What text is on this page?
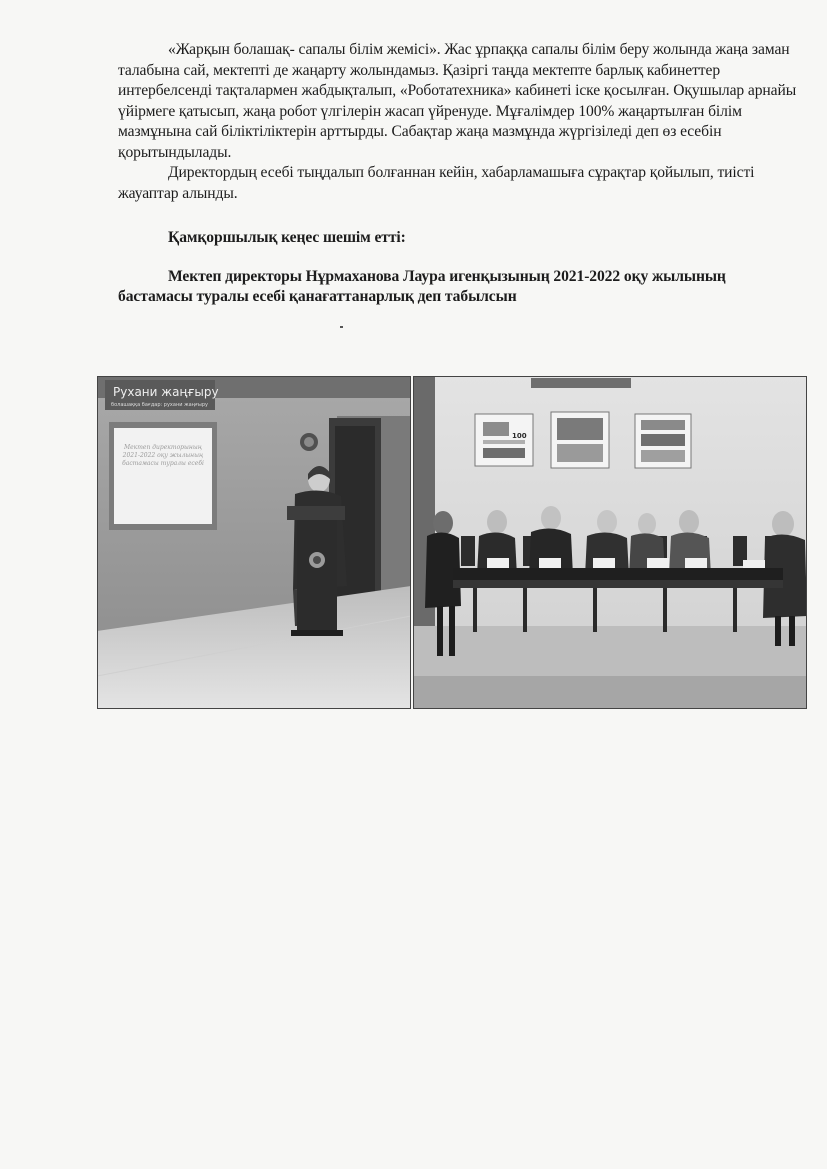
«Жарқын болашақ- сапалы білім жемісі». Жас ұрпаққа сапалы білім беру жолында жаңа заман талабына сай, мектепті де жаңарту жолындамыз. Қазіргі таңда мектепте барлық кабинеттер интербелсенді тақталармен жабдықталып, «Роботатехника» кабинеті іске қосылған. Оқушылар арнайы үйірмеге қатысып, жаңа робот үлгілерін жасап үйренуде. Мұғалімдер 100% жаңартылған білім мазмұнына сай біліктіліктерін арттырды. Сабақтар жаңа мазмұнда жүргізіледі деп өз есебін қорытындылады.

Директордың есебі тыңдалып болғаннан кейін, хабарламашыға сұрақтар қойылып, тиісті жауаптар алынды.

Қамқоршылық кеңес шешім етті:

Мектеп директоры Нұрмаханова Лаура игенқызының 2021-2022 оқу жылының бастамасы туралы есебі қанағаттанарлық деп табылсын

Рухани жаңғыру
болашаққа бағдар: рухани жаңғыру
Мектеп директорының 2021-2022 оқу жылының бастамасы туралы есебі
100
